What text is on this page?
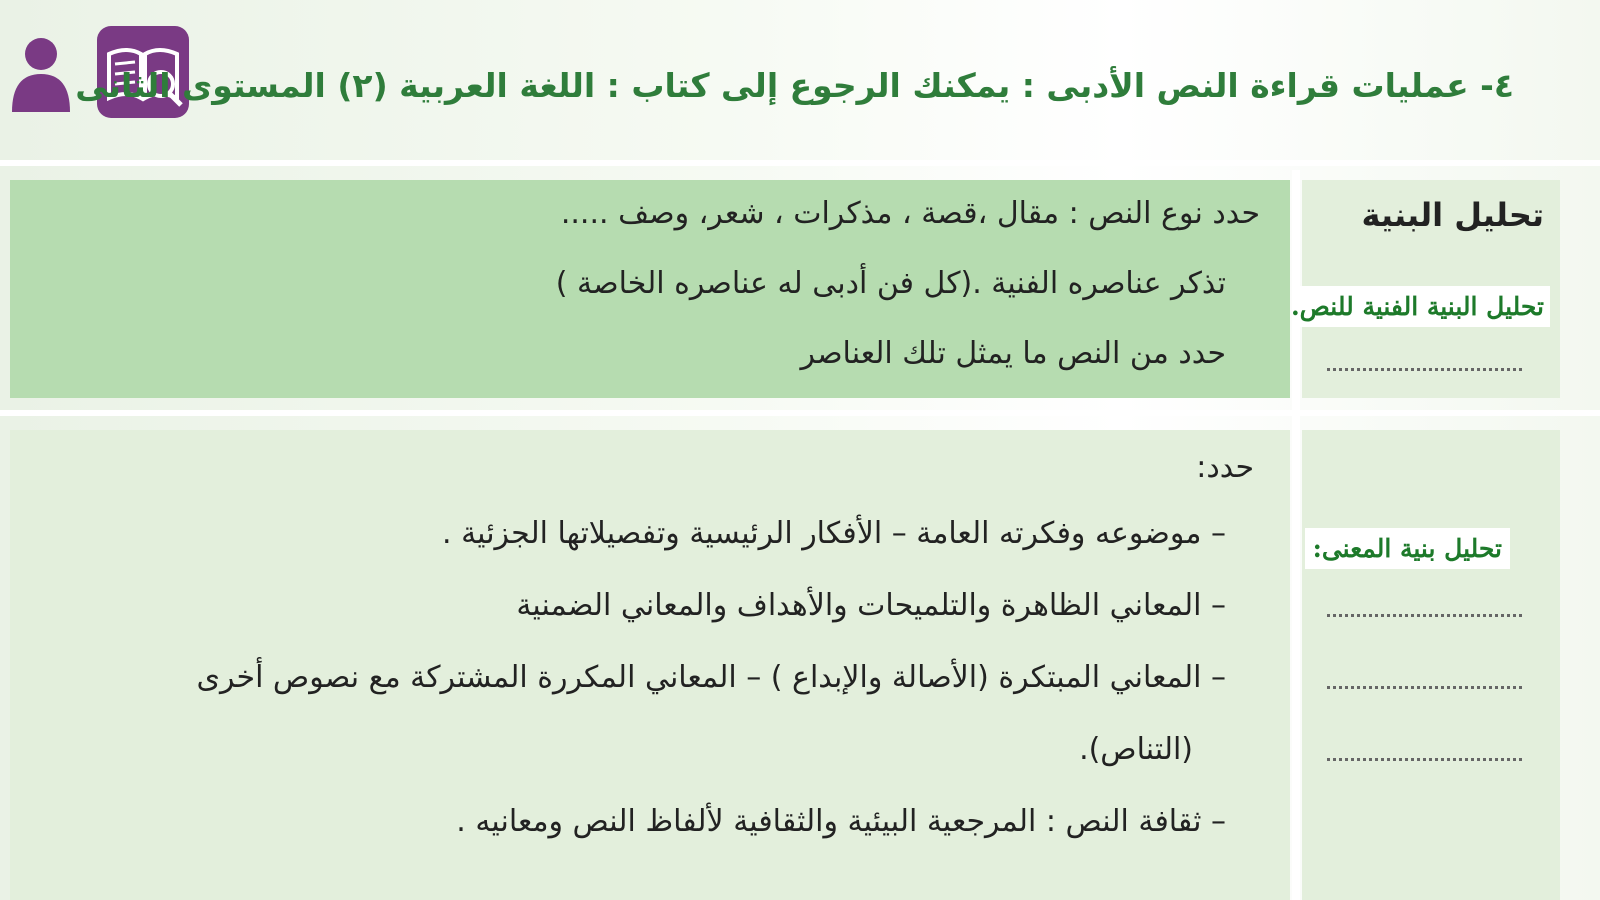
٤- عمليات قراءة النص الأدبى : يمكنك الرجوع إلى كتاب : اللغة العربية (٢) المستوى الثانى
تحليل البنية
تحليل البنية الفنية للنص.
تحليل بنية المعنى:
حدد نوع النص : مقال ،قصة ، مذكرات ، شعر، وصف .....
تذكر عناصره الفنية .(كل فن أدبى له عناصره الخاصة )
حدد من النص ما يمثل تلك العناصر
حدد:
– موضوعه وفكرته العامة – الأفكار الرئيسية وتفصيلاتها الجزئية .
– المعاني الظاهرة والتلميحات والأهداف والمعاني الضمنية
– المعاني المبتكرة (الأصالة والإبداع ) – المعاني المكررة المشتركة مع نصوص أخرى
(التناص).
– ثقافة النص : المرجعية البيئية والثقافية لألفاظ النص ومعانيه .
